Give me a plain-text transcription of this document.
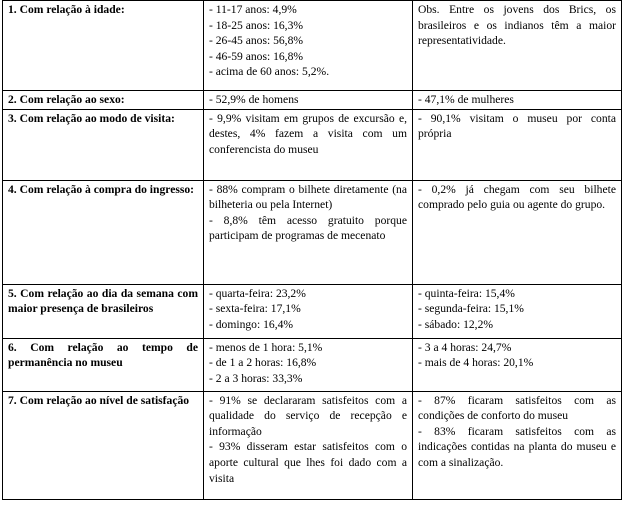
1. Com relação à idade:	- 11-17 anos: 4,9%
- 18-25 anos: 16,3%
- 26-45 anos: 56,8%
- 46-59 anos: 16,8%
- acima de 60 anos: 5,2%.	Obs. Entre os jovens dos Brics, os brasileiros e os indianos têm a maior representatividade.

2. Com relação ao sexo:	- 52,9% de homens	- 47,1% de mulheres

3. Com relação ao modo de visita:	- 9,9% visitam em grupos de excursão e, destes, 4% fazem a visita com um conferencista do museu	- 90,1% visitam o museu por conta própria

4. Com relação à compra do ingresso:	- 88% compram o bilhete diretamente (na bilheteria ou pela Internet)
- 8,8% têm acesso gratuito porque participam de programas de mecenato	- 0,2% já chegam com seu bilhete comprado pelo guia ou agente do grupo.

5. Com relação ao dia da semana com maior presença de brasileiros	- quarta-feira: 23,2%
- sexta-feira: 17,1%
- domingo: 16,4%	- quinta-feira: 15,4%
- segunda-feira: 15,1%
- sábado: 12,2%

6. Com relação ao tempo de permanência no museu	- menos de 1 hora: 5,1%
- de 1 a 2 horas: 16,8%
- 2 a 3 horas: 33,3%	- 3 a 4 horas: 24,7%
- mais de 4 horas: 20,1%

7. Com relação ao nível de satisfação	- 91% se declararam satisfeitos com a qualidade do serviço de recepção e informação
- 93% disseram estar satisfeitos com o aporte cultural que lhes foi dado com a visita	- 87% ficaram satisfeitos com as condições de conforto do museu
- 83% ficaram satisfeitos com as indicações contidas na planta do museu e com a sinalização.
